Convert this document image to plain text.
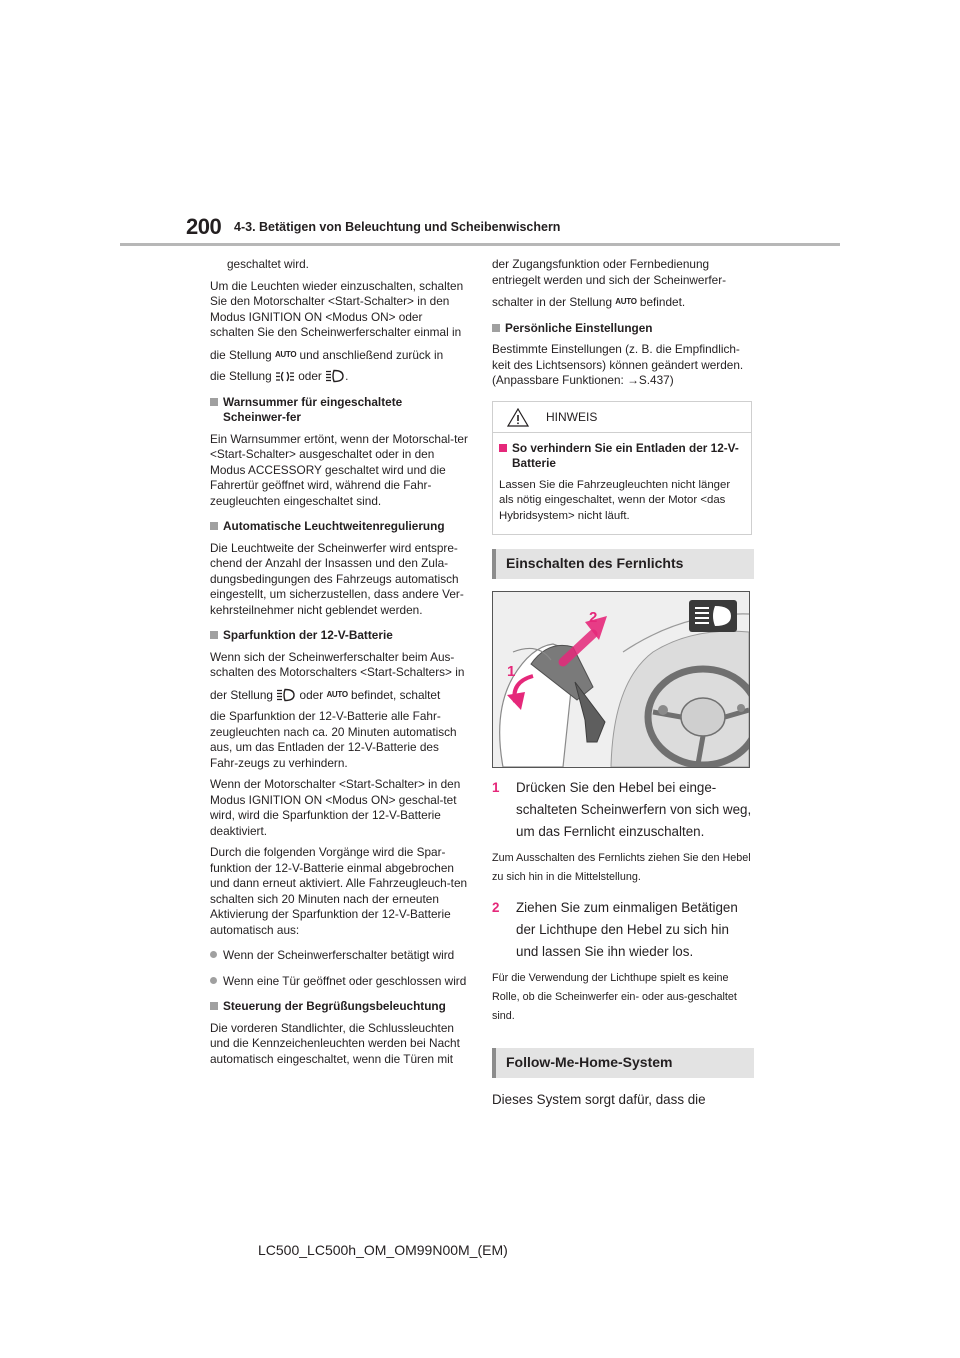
200 4-3. Betätigen von Beleuchtung und Scheibenwischern

geschaltet wird.

Um die Leuchten wieder einzuschalten, schalten Sie den Motorschalter <Start-Schalter> in den Modus IGNITION ON <Modus ON> oder schalten Sie den Scheinwerferschalter einmal in

die Stellung AUTO und anschließend zurück in

die Stellung oder .

Warnsummer für eingeschaltete Scheinwer-fer

Ein Warnsummer ertönt, wenn der Motorschal-ter <Start-Schalter> ausgeschaltet oder in den Modus ACCESSORY geschaltet wird und die Fahrertür geöffnet wird, während die Fahr-zeugleuchten eingeschaltet sind.

Automatische Leuchtweitenregulierung

Die Leuchtweite der Scheinwerfer wird entspre-chend der Anzahl der Insassen und den Zula-dungsbedingungen des Fahrzeugs automatisch eingestellt, um sicherzustellen, dass andere Ver-kehrsteilnehmer nicht geblendet werden.

Sparfunktion der 12-V-Batterie

Wenn sich der Scheinwerferschalter beim Aus-schalten des Motorschalters <Start-Schalters> in

der Stellung oder AUTO befindet, schaltet

die Sparfunktion der 12-V-Batterie alle Fahr-zeugleuchten nach ca. 20 Minuten automatisch aus, um das Entladen der 12-V-Batterie des Fahr-zeugs zu verhindern.

Wenn der Motorschalter <Start-Schalter> in den Modus IGNITION ON <Modus ON> geschal-tet wird, wird die Sparfunktion der 12-V-Batterie deaktiviert.

Durch die folgenden Vorgänge wird die Spar-funktion der 12-V-Batterie einmal abgebrochen und dann erneut aktiviert. Alle Fahrzeugleuch-ten schalten sich 20 Minuten nach der erneuten Aktivierung der Sparfunktion der 12-V-Batterie automatisch aus:

Wenn der Scheinwerferschalter betätigt wird

Wenn eine Tür geöffnet oder geschlossen wird

Steuerung der Begrüßungsbeleuchtung

Die vorderen Standlichter, die Schlussleuchten und die Kennzeichenleuchten werden bei Nacht automatisch eingeschaltet, wenn die Türen mit

der Zugangsfunktion oder Fernbedienung entriegelt werden und sich der Scheinwerfer-

schalter in der Stellung AUTO befindet.

Persönliche Einstellungen

Bestimmte Einstellungen (z. B. die Empfindlich-keit des Lichtsensors) können geändert werden. (Anpassbare Funktionen: →S.437)

HINWEIS

So verhindern Sie ein Entladen der 12-V-Batterie

Lassen Sie die Fahrzeugleuchten nicht länger als nötig eingeschaltet, wenn der Motor <das Hybridsystem> nicht läuft.

Einschalten des Fernlichts
1
2
1 Drücken Sie den Hebel bei einge-schalteten Scheinwerfern von sich weg, um das Fernlicht einzuschalten.

Zum Ausschalten des Fernlichts ziehen Sie den Hebel zu sich hin in die Mittelstellung.

2 Ziehen Sie zum einmaligen Betätigen der Lichthupe den Hebel zu sich hin und lassen Sie ihn wieder los.

Für die Verwendung der Lichthupe spielt es keine Rolle, ob die Scheinwerfer ein- oder aus-geschaltet sind.

Follow-Me-Home-System

Dieses System sorgt dafür, dass die

LC500_LC500h_OM_OM99N00M_(EM)
